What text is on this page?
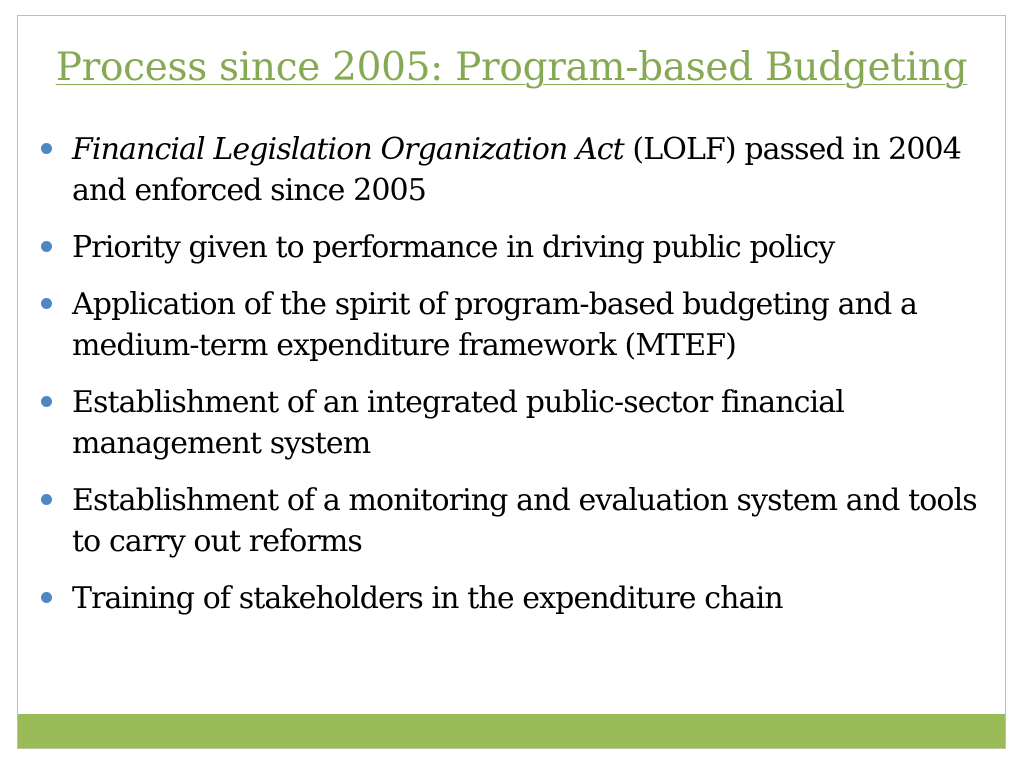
Process since 2005: Program-based Budgeting
Financial Legislation Organization Act (LOLF) passed in 2004 and enforced since 2005
Priority given to performance in driving public policy
Application of the spirit of program-based budgeting and a medium-term expenditure framework (MTEF)
Establishment of an integrated public-sector financial management system
Establishment of a monitoring and evaluation system and tools to carry out reforms
Training of stakeholders in the expenditure chain
